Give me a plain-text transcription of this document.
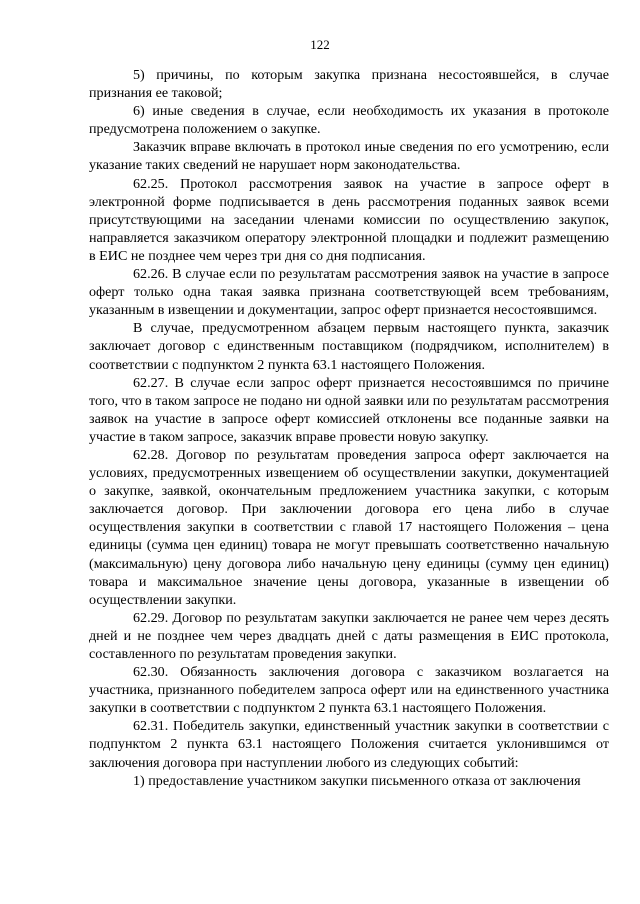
122

5) причины, по которым закупка признана несостоявшейся, в случае признания ее таковой;

6) иные сведения в случае, если необходимость их указания в протоколе предусмотрена положением о закупке.

Заказчик вправе включать в протокол иные сведения по его усмотрению, если указание таких сведений не нарушает норм законодательства.

62.25. Протокол рассмотрения заявок на участие в запросе оферт в электронной форме подписывается в день рассмотрения поданных заявок всеми присутствующими на заседании членами комиссии по осуществлению закупок, направляется заказчиком оператору электронной площадки и подлежит размещению в ЕИС не позднее чем через три дня со дня подписания.

62.26. В случае если по результатам рассмотрения заявок на участие в запросе оферт только одна такая заявка признана соответствующей всем требованиям, указанным в извещении и документации, запрос оферт признается несостоявшимся.

В случае, предусмотренном абзацем первым настоящего пункта, заказчик заключает договор с единственным поставщиком (подрядчиком, исполнителем) в соответствии с подпунктом 2 пункта 63.1 настоящего Положения.

62.27. В случае если запрос оферт признается несостоявшимся по причине того, что в таком запросе не подано ни одной заявки или по результатам рассмотрения заявок на участие в запросе оферт комиссией отклонены все поданные заявки на участие в таком запросе, заказчик вправе провести новую закупку.

62.28. Договор по результатам проведения запроса оферт заключается на условиях, предусмотренных извещением об осуществлении закупки, документацией о закупке, заявкой, окончательным предложением участника закупки, с которым заключается договор. При заключении договора его цена либо в случае осуществления закупки в соответствии с главой 17 настоящего Положения – цена единицы (сумма цен единиц) товара не могут превышать соответственно начальную (максимальную) цену договора либо начальную цену единицы (сумму цен единиц) товара и максимальное значение цены договора, указанные в извещении об осуществлении закупки.

62.29. Договор по результатам закупки заключается не ранее чем через десять дней и не позднее чем через двадцать дней с даты размещения в ЕИС протокола, составленного по результатам проведения закупки.

62.30. Обязанность заключения договора с заказчиком возлагается на участника, признанного победителем запроса оферт или на единственного участника закупки в соответствии с подпунктом 2 пункта 63.1 настоящего Положения.

62.31. Победитель закупки, единственный участник закупки в соответствии с подпунктом 2 пункта 63.1 настоящего Положения считается уклонившимся от заключения договора при наступлении любого из следующих событий:

1) предоставление участником закупки письменного отказа от заключения
